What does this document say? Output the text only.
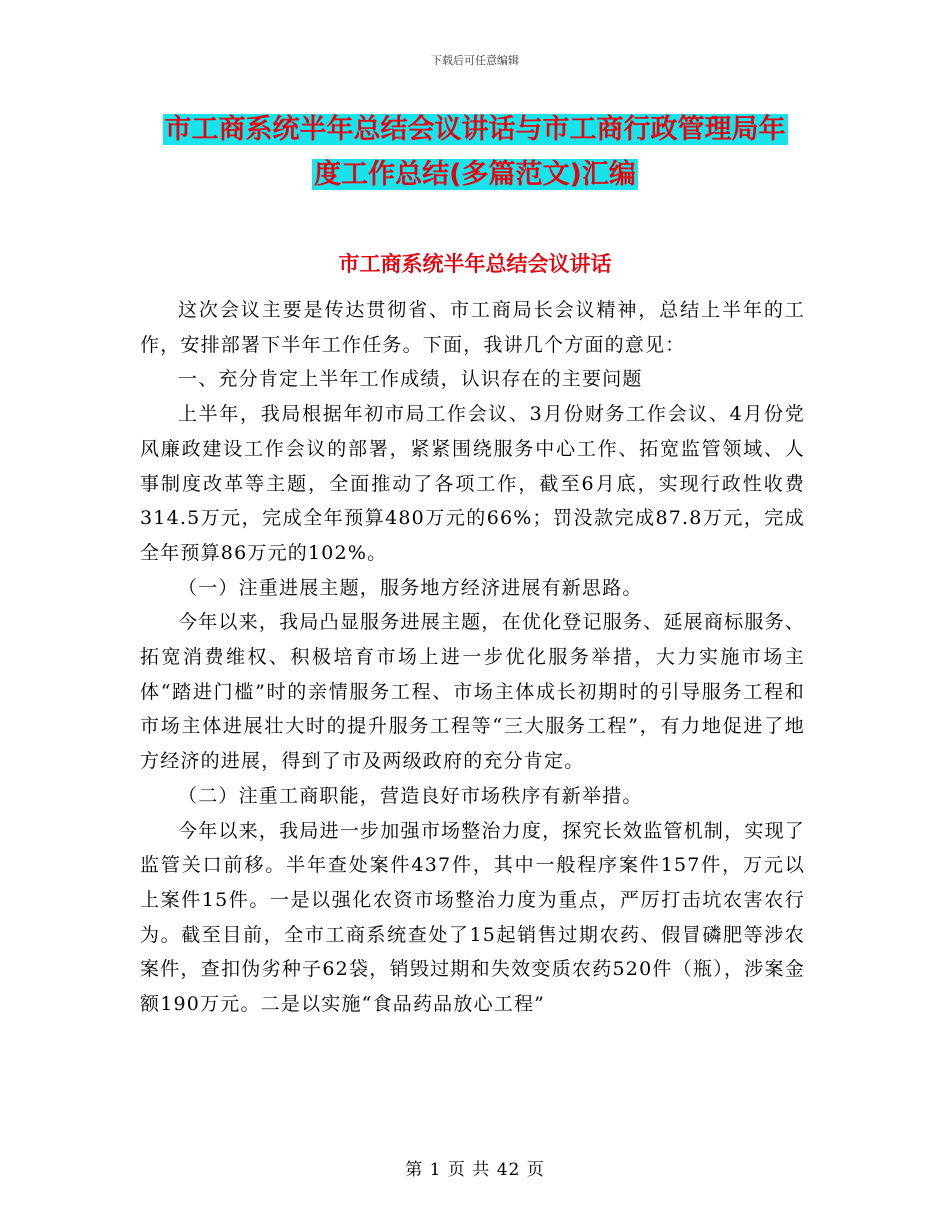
下载后可任意编辑
市工商系统半年总结会议讲话与市工商行政管理局年
度工作总结(多篇范文)汇编
市工商系统半年总结会议讲话

这次会议主要是传达贯彻省、市工商局长会议精神，总结上半年的工作，安排部署下半年工作任务。下面，我讲几个方面的意见：

一、充分肯定上半年工作成绩，认识存在的主要问题

上半年，我局根据年初市局工作会议、3月份财务工作会议、4月份党风廉政建设工作会议的部署，紧紧围绕服务中心工作、拓宽监管领域、人事制度改革等主题，全面推动了各项工作，截至6月底，实现行政性收费314.5万元，完成全年预算480万元的66%；罚没款完成87.8万元，完成全年预算86万元的102%。

（一）注重进展主题，服务地方经济进展有新思路。

今年以来，我局凸显服务进展主题，在优化登记服务、延展商标服务、拓宽消费维权、积极培育市场上进一步优化服务举措，大力实施市场主体“踏进门槛”时的亲情服务工程、市场主体成长初期时的引导服务工程和市场主体进展壮大时的提升服务工程等“三大服务工程”，有力地促进了地方经济的进展，得到了市及两级政府的充分肯定。

（二）注重工商职能，营造良好市场秩序有新举措。

今年以来，我局进一步加强市场整治力度，探究长效监管机制，实现了监管关口前移。半年查处案件437件，其中一般程序案件157件，万元以上案件15件。一是以强化农资市场整治力度为重点，严厉打击坑农害农行为。截至目前，全市工商系统查处了15起销售过期农药、假冒磷肥等涉农案件，查扣伪劣种子62袋，销毁过期和失效变质农药520件（瓶），涉案金额190万元。二是以实施“食品药品放心工程”

第 1 页 共 42 页
